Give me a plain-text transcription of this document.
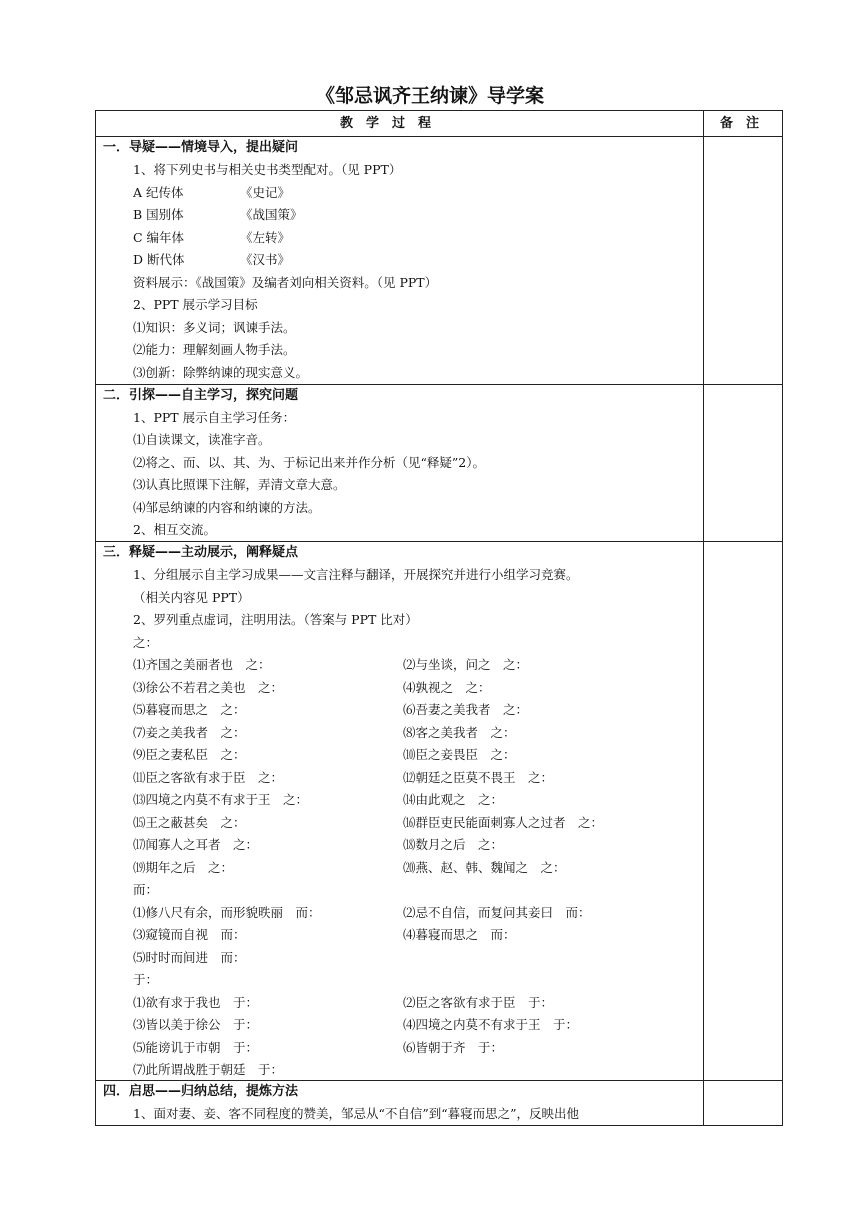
《邹忌讽齐王纳谏》导学案
教　学　过　程	备　注
一．导疑——情境导入，提出疑问
1、将下列史书与相关史书类型配对。（见 PPT）
A 纪传体	《史记》
B 国别体	《战国策》
C 编年体	《左转》
D 断代体	《汉书》
资料展示：《战国策》及编者刘向相关资料。（见 PPT）
2、PPT 展示学习目标
⑴知识：多义词；讽谏手法。
⑵能力：理解刻画人物手法。
⑶创新：除弊纳谏的现实意义。
二．引探——自主学习，探究问题
1、PPT 展示自主学习任务：
⑴自读课文，读准字音。
⑵将之、而、以、其、为、于标记出来并作分析（见“释疑”2）。
⑶认真比照课下注解，弄清文章大意。
⑷邹忌纳谏的内容和纳谏的方法。
2、相互交流。
三．释疑——主动展示，阐释疑点
1、分组展示自主学习成果——文言注释与翻译，开展探究并进行小组学习竞赛。
（相关内容见 PPT）
2、罗列重点虚词，注明用法。（答案与 PPT 比对）
之：
⑴齐国之美丽者也　之：	⑵与坐谈，问之　之：
⑶徐公不若君之美也　之：	⑷孰视之　之：
⑸暮寝而思之　之：	⑹吾妻之美我者　之：
⑺妾之美我者　之：	⑻客之美我者　之：
⑼臣之妻私臣　之：	⑽臣之妾畏臣　之：
⑾臣之客欲有求于臣　之：	⑿朝廷之臣莫不畏王　之：
⒀四境之内莫不有求于王　之：	⒁由此观之　之：
⒂王之蔽甚矣　之：	⒃群臣吏民能面刺寡人之过者　之：
⒄闻寡人之耳者　之：	⒅数月之后　之：
⒆期年之后　之：	⒇燕、赵、韩、魏闻之　之：
而：
⑴修八尺有余，而形貌昳丽　而：	⑵忌不自信，而复问其妾曰　而：
⑶窥镜而自视　而：	⑷暮寝而思之　而：
⑸时时而间进　而：
于：
⑴欲有求于我也　于：	⑵臣之客欲有求于臣　于：
⑶皆以美于徐公　于：	⑷四境之内莫不有求于王　于：
⑸能谤讥于市朝　于：	⑹皆朝于齐　于：
⑺此所谓战胜于朝廷　于：
四．启思——归纳总结，提炼方法
1、面对妻、妾、客不同程度的赞美，邹忌从“不自信”到“暮寝而思之”，反映出他
